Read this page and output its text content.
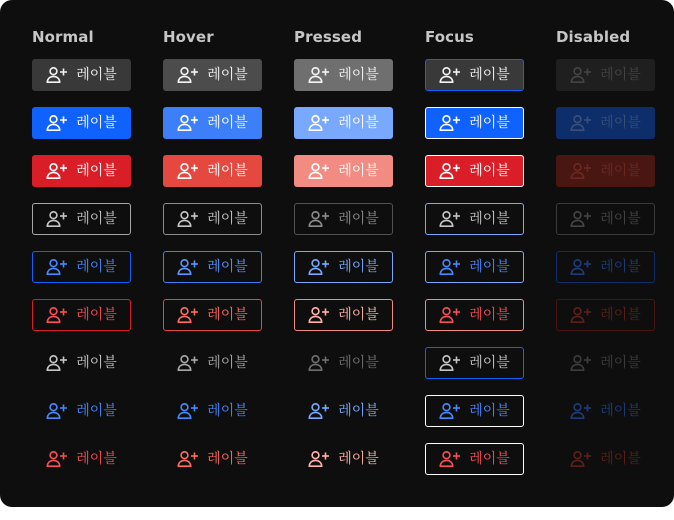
Normal	Hover	Pressed	Focus	Disabled
레이블	레이블	레이블	레이블	레이블
레이블	레이블	레이블	레이블	레이블
레이블	레이블	레이블	레이블	레이블
레이블	레이블	레이블	레이블	레이블
레이블	레이블	레이블	레이블	레이블
레이블	레이블	레이블	레이블	레이블
레이블	레이블	레이블	레이블	레이블
레이블	레이블	레이블	레이블	레이블
레이블	레이블	레이블	레이블	레이블
